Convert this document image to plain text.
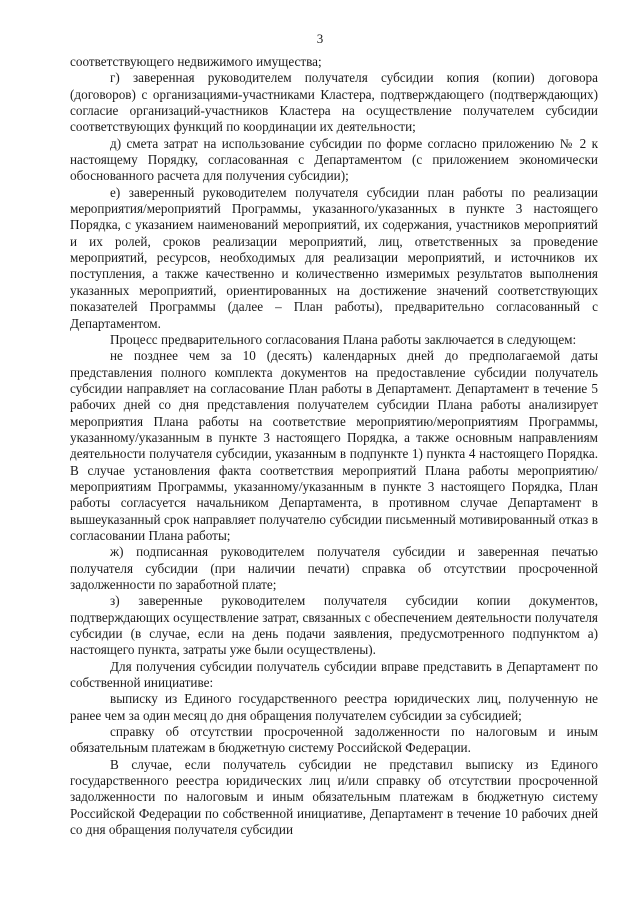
3

соответствующего недвижимого имущества;

г) заверенная руководителем получателя субсидии копия (копии) договора (договоров) с организациями-участниками Кластера, подтверждающего (подтверждающих) согласие организаций-участников Кластера на осуществление получателем субсидии соответствующих функций по координации их деятельности;

д) смета затрат на использование субсидии по форме согласно приложению № 2 к настоящему Порядку, согласованная с Департаментом (с приложением экономически обоснованного расчета для получения субсидии);

е) заверенный руководителем получателя субсидии план работы по реализации мероприятия/мероприятий Программы, указанного/указанных в пункте 3 настоящего Порядка, с указанием наименований мероприятий, их содержания, участников мероприятий и их ролей, сроков реализации мероприятий, лиц, ответственных за проведение мероприятий, ресурсов, необходимых для реализации мероприятий, и источников их поступления, а также качественно и количественно измеримых результатов выполнения указанных мероприятий, ориентированных на достижение значений соответствующих показателей Программы (далее – План работы), предварительно согласованный с Департаментом.

Процесс предварительного согласования Плана работы заключается в следующем:

не позднее чем за 10 (десять) календарных дней до предполагаемой даты представления полного комплекта документов на предоставление субсидии получатель субсидии направляет на согласование План работы в Департамент. Департамент в течение 5 рабочих дней со дня представления получателем субсидии Плана работы анализирует мероприятия Плана работы на соответствие мероприятию/мероприятиям Программы, указанному/указанным в пункте 3 настоящего Порядка, а также основным направлениям деятельности получателя субсидии, указанным в подпункте 1) пункта 4 настоящего Порядка. В случае установления факта соответствия мероприятий Плана работы мероприятию/мероприятиям Программы, указанному/указанным в пункте 3 настоящего Порядка, План работы согласуется начальником Департамента, в противном случае Департамент в вышеуказанный срок направляет получателю субсидии письменный мотивированный отказ в согласовании Плана работы;

ж) подписанная руководителем получателя субсидии и заверенная печатью получателя субсидии (при наличии печати) справка об отсутствии просроченной задолженности по заработной плате;

з) заверенные руководителем получателя субсидии копии документов, подтверждающих осуществление затрат, связанных с обеспечением деятельности получателя субсидии (в случае, если на день подачи заявления, предусмотренного подпунктом а) настоящего пункта, затраты уже были осуществлены).

Для получения субсидии получатель субсидии вправе представить в Департамент по собственной инициативе:

выписку из Единого государственного реестра юридических лиц, полученную не ранее чем за один месяц до дня обращения получателем субсидии за субсидией;

справку об отсутствии просроченной задолженности по налоговым и иным обязательным платежам в бюджетную систему Российской Федерации.

В случае, если получатель субсидии не представил выписку из Единого государственного реестра юридических лиц и/или справку об отсутствии просроченной задолженности по налоговым и иным обязательным платежам в бюджетную систему Российской Федерации по собственной инициативе, Департамент в течение 10 рабочих дней со дня обращения получателя субсидии
